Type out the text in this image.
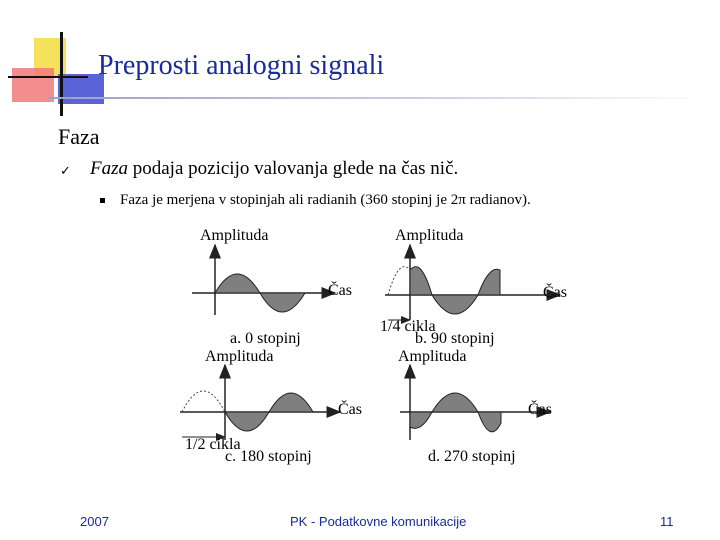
Preprosti analogni signali
Faza
✓ Faza podaja pozicijo valovanja glede na čas nič.
Faza je merjena v stopinjah ali radianih (360 stopinj je 2π radianov).
Amplituda
Čas
a. 0 stopinj
Amplituda
Čas
1/4 cikla
b. 90 stopinj
Amplituda
Čas
1/2 cikla
c. 180 stopinj
Amplituda
Čas
d. 270 stopinj
2007	PK - Podatkovne komunikacije	11
